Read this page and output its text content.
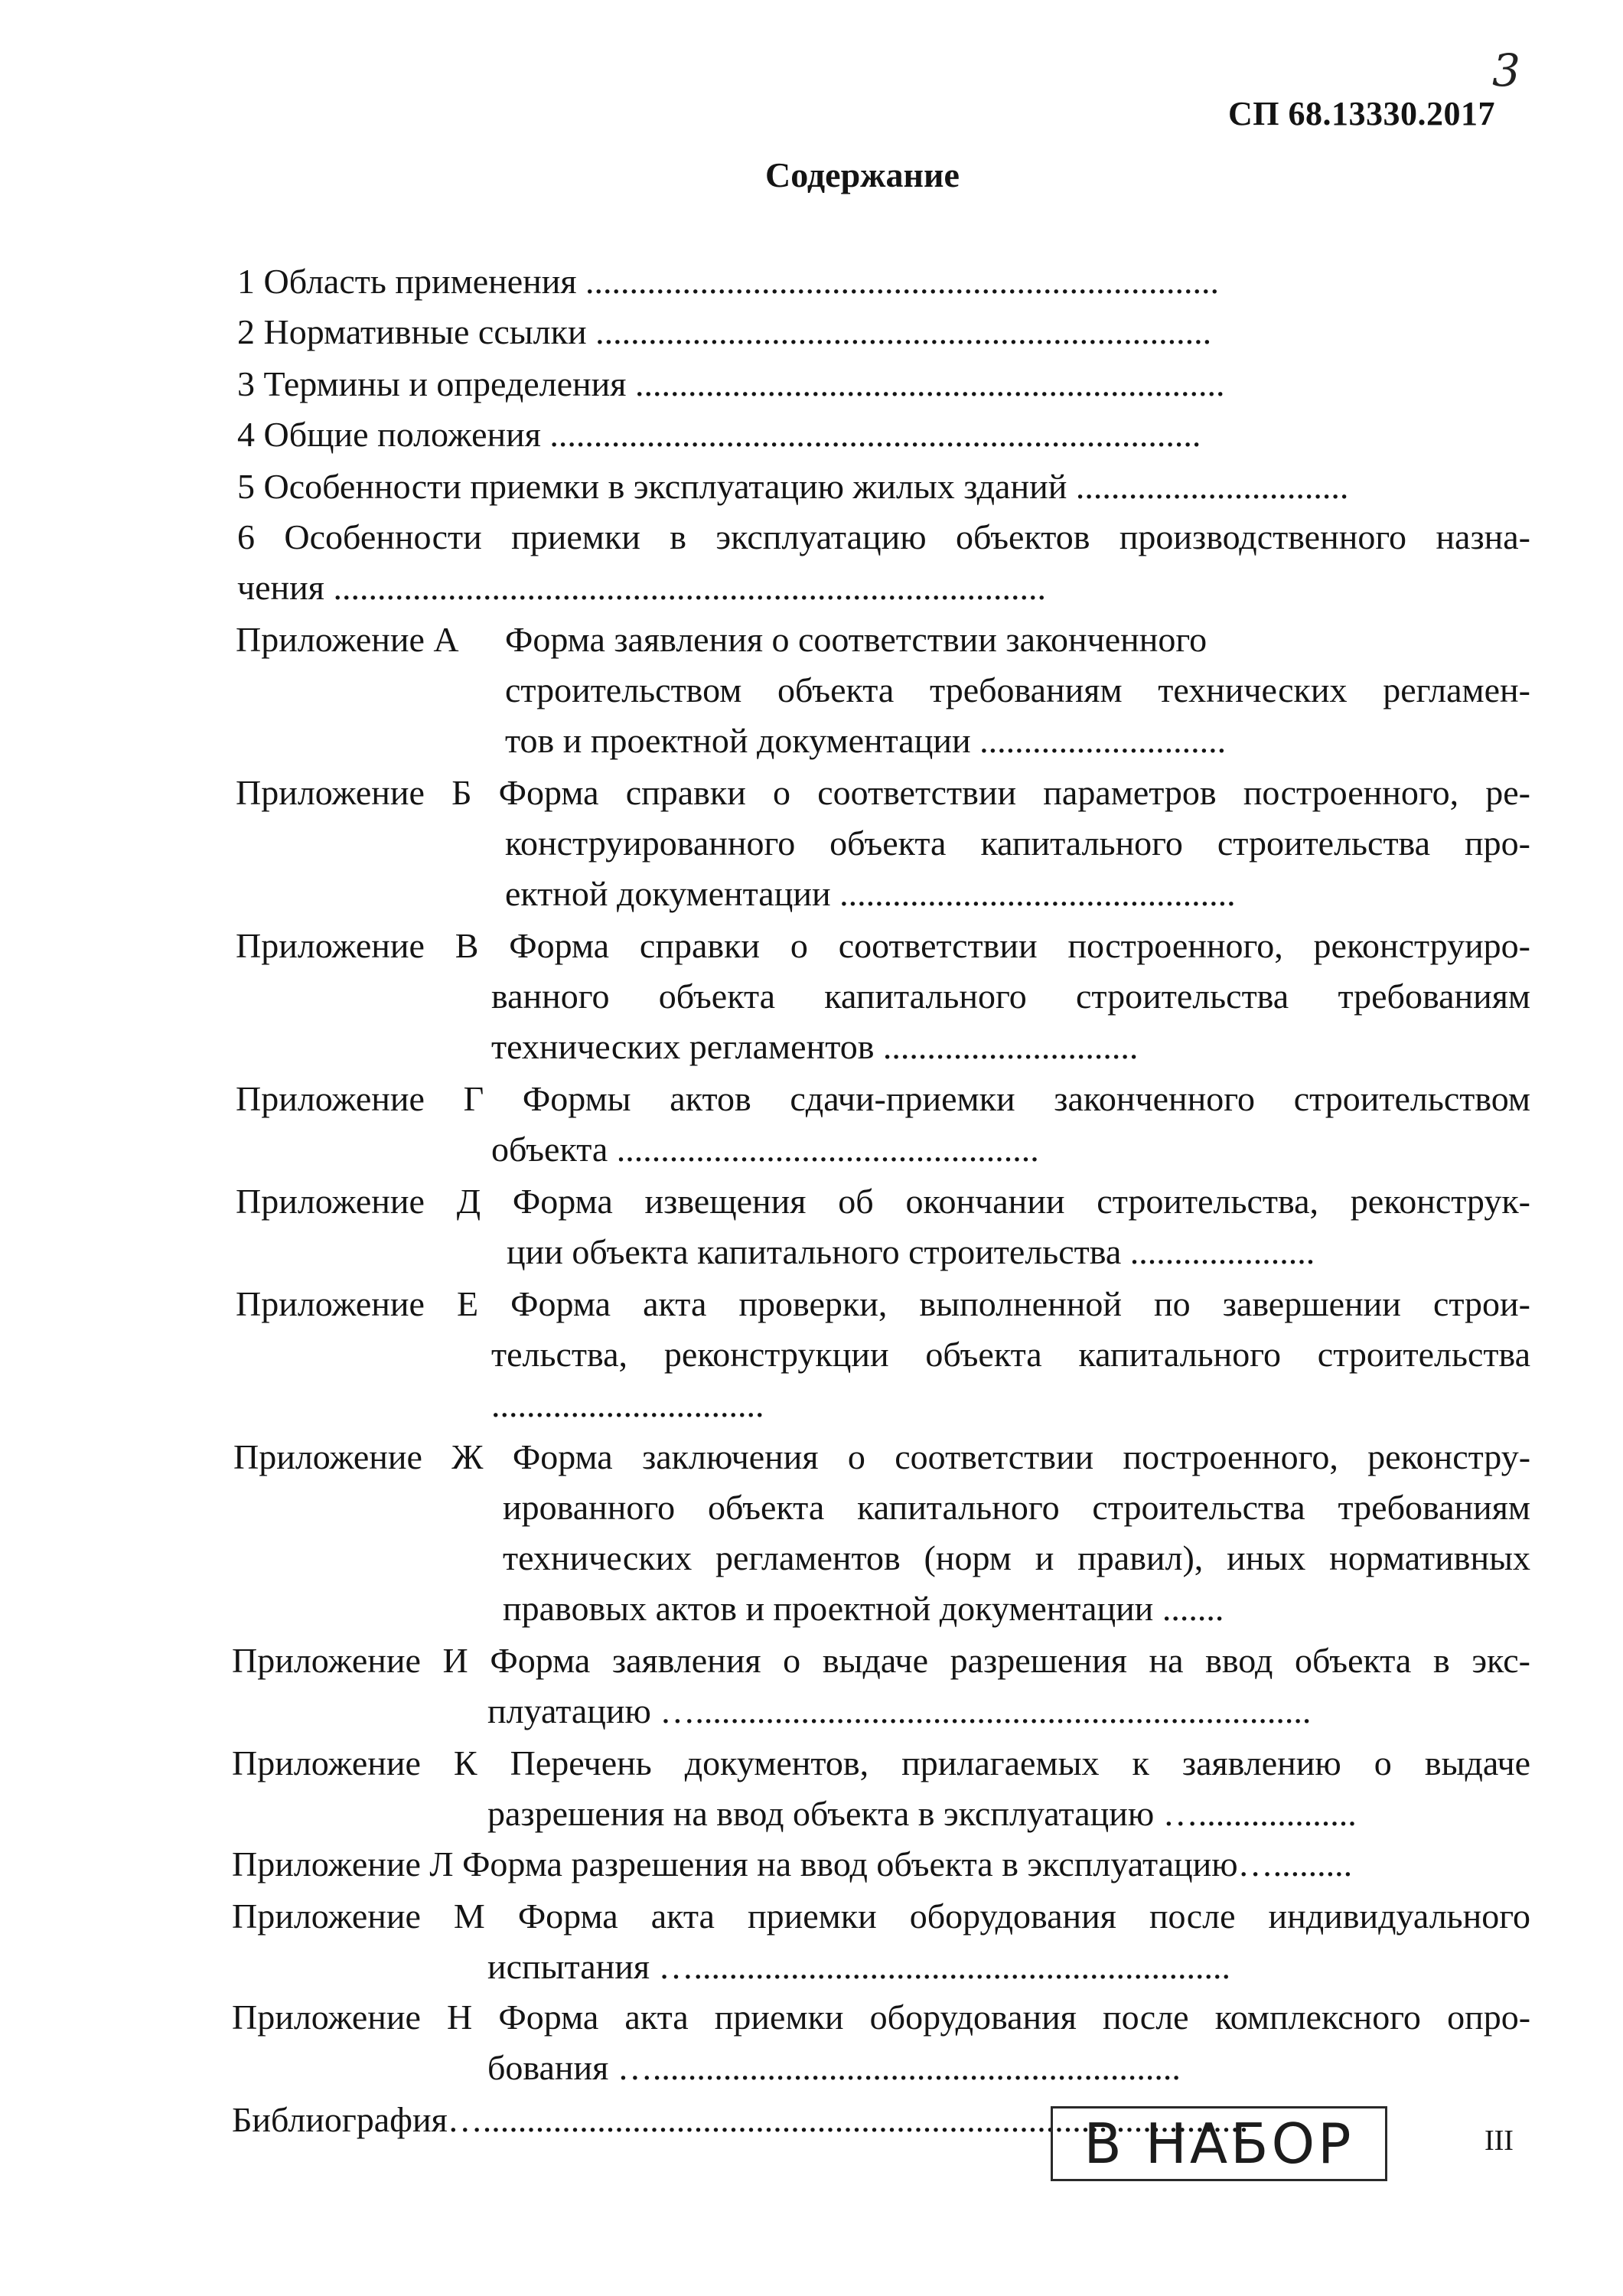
3
СП 68.13330.2017
Содержание
1 Область применения ........................................................................
2 Нормативные ссылки ......................................................................
3 Термины и определения ...................................................................
4 Общие положения ..........................................................................
5 Особенности приемки в эксплуатацию жилых зданий ...............................
6 Особенности приемки в эксплуатацию объектов производственного назна-
чения .................................................................................
Приложение А Форма заявления о соответствии законченного
строительством объекта требованиям технических регламен-
тов и проектной документации ............................
Приложение Б Форма справки о соответствии параметров построенного, ре-
конструированного объекта капитального строительства про-
ектной документации .............................................
Приложение В Форма справки о соответствии построенного, реконструиро-
ванного объекта капитального строительства требованиям
технических регламентов .............................
Приложение Г Формы актов сдачи-приемки законченного строительством
объекта ................................................
Приложение Д Форма извещения об окончании строительства, реконструк-
ции объекта капитального строительства .....................
Приложение Е Форма акта проверки, выполненной по завершении строи-
тельства, реконструкции объекта капитального строительства
...............................
Приложение Ж Форма заключения о соответствии построенного, реконстру-
ированного объекта капитального строительства требованиям
технических регламентов (норм и правил), иных нормативных
правовых актов и проектной документации .......
Приложение И Форма заявления о выдаче разрешения на ввод объекта в экс-
плуатацию …......................................................................
Приложение К Перечень документов, прилагаемых к заявлению о выдаче
разрешения на ввод объекта в эксплуатацию …..................
Приложение Л Форма разрешения на ввод объекта в эксплуатацию….........
Приложение М Форма акта приемки оборудования после индивидуального
испытания ….............................................................
Приложение Н Форма акта приемки оборудования после комплексного опро-
бования …............................................................
Библиография….......................................................................................
В НАБОР	III
